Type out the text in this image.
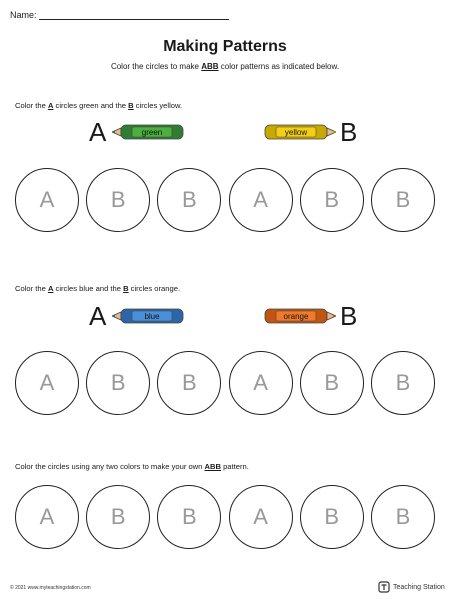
Name:
Making Patterns
Color the circles to make ABB color patterns as indicated below.
Color the A circles green and the B circles yellow.
A	green	yellow B
A	B	B	A	B	B
Color the A circles blue and the B circles orange.
A	blue	orange B
A	B	B	A	B	B
Color the circles using any two colors to make your own ABB pattern.
A	B	B	A	B	B
© 2021 www.myteachingstation.com	Teaching Station
